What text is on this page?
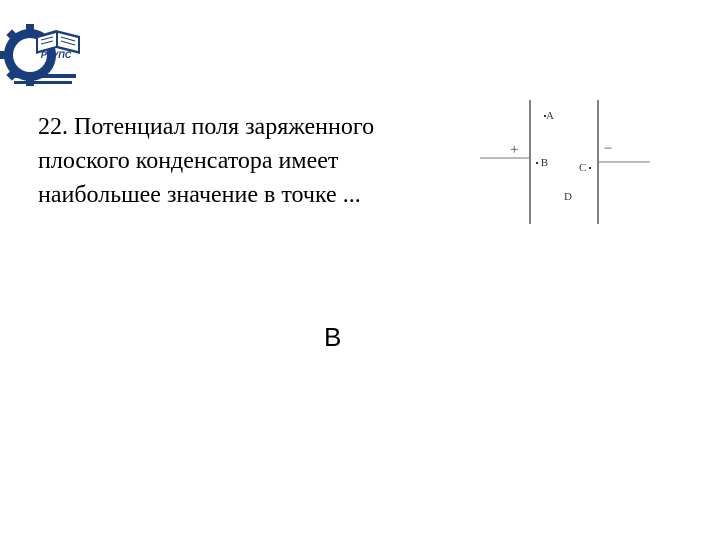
РГУПС
22. Потенциал поля заряженного
плоского конденсатора имеет
наибольшее значение в точке ...
+	−
A
B	C
D
В
